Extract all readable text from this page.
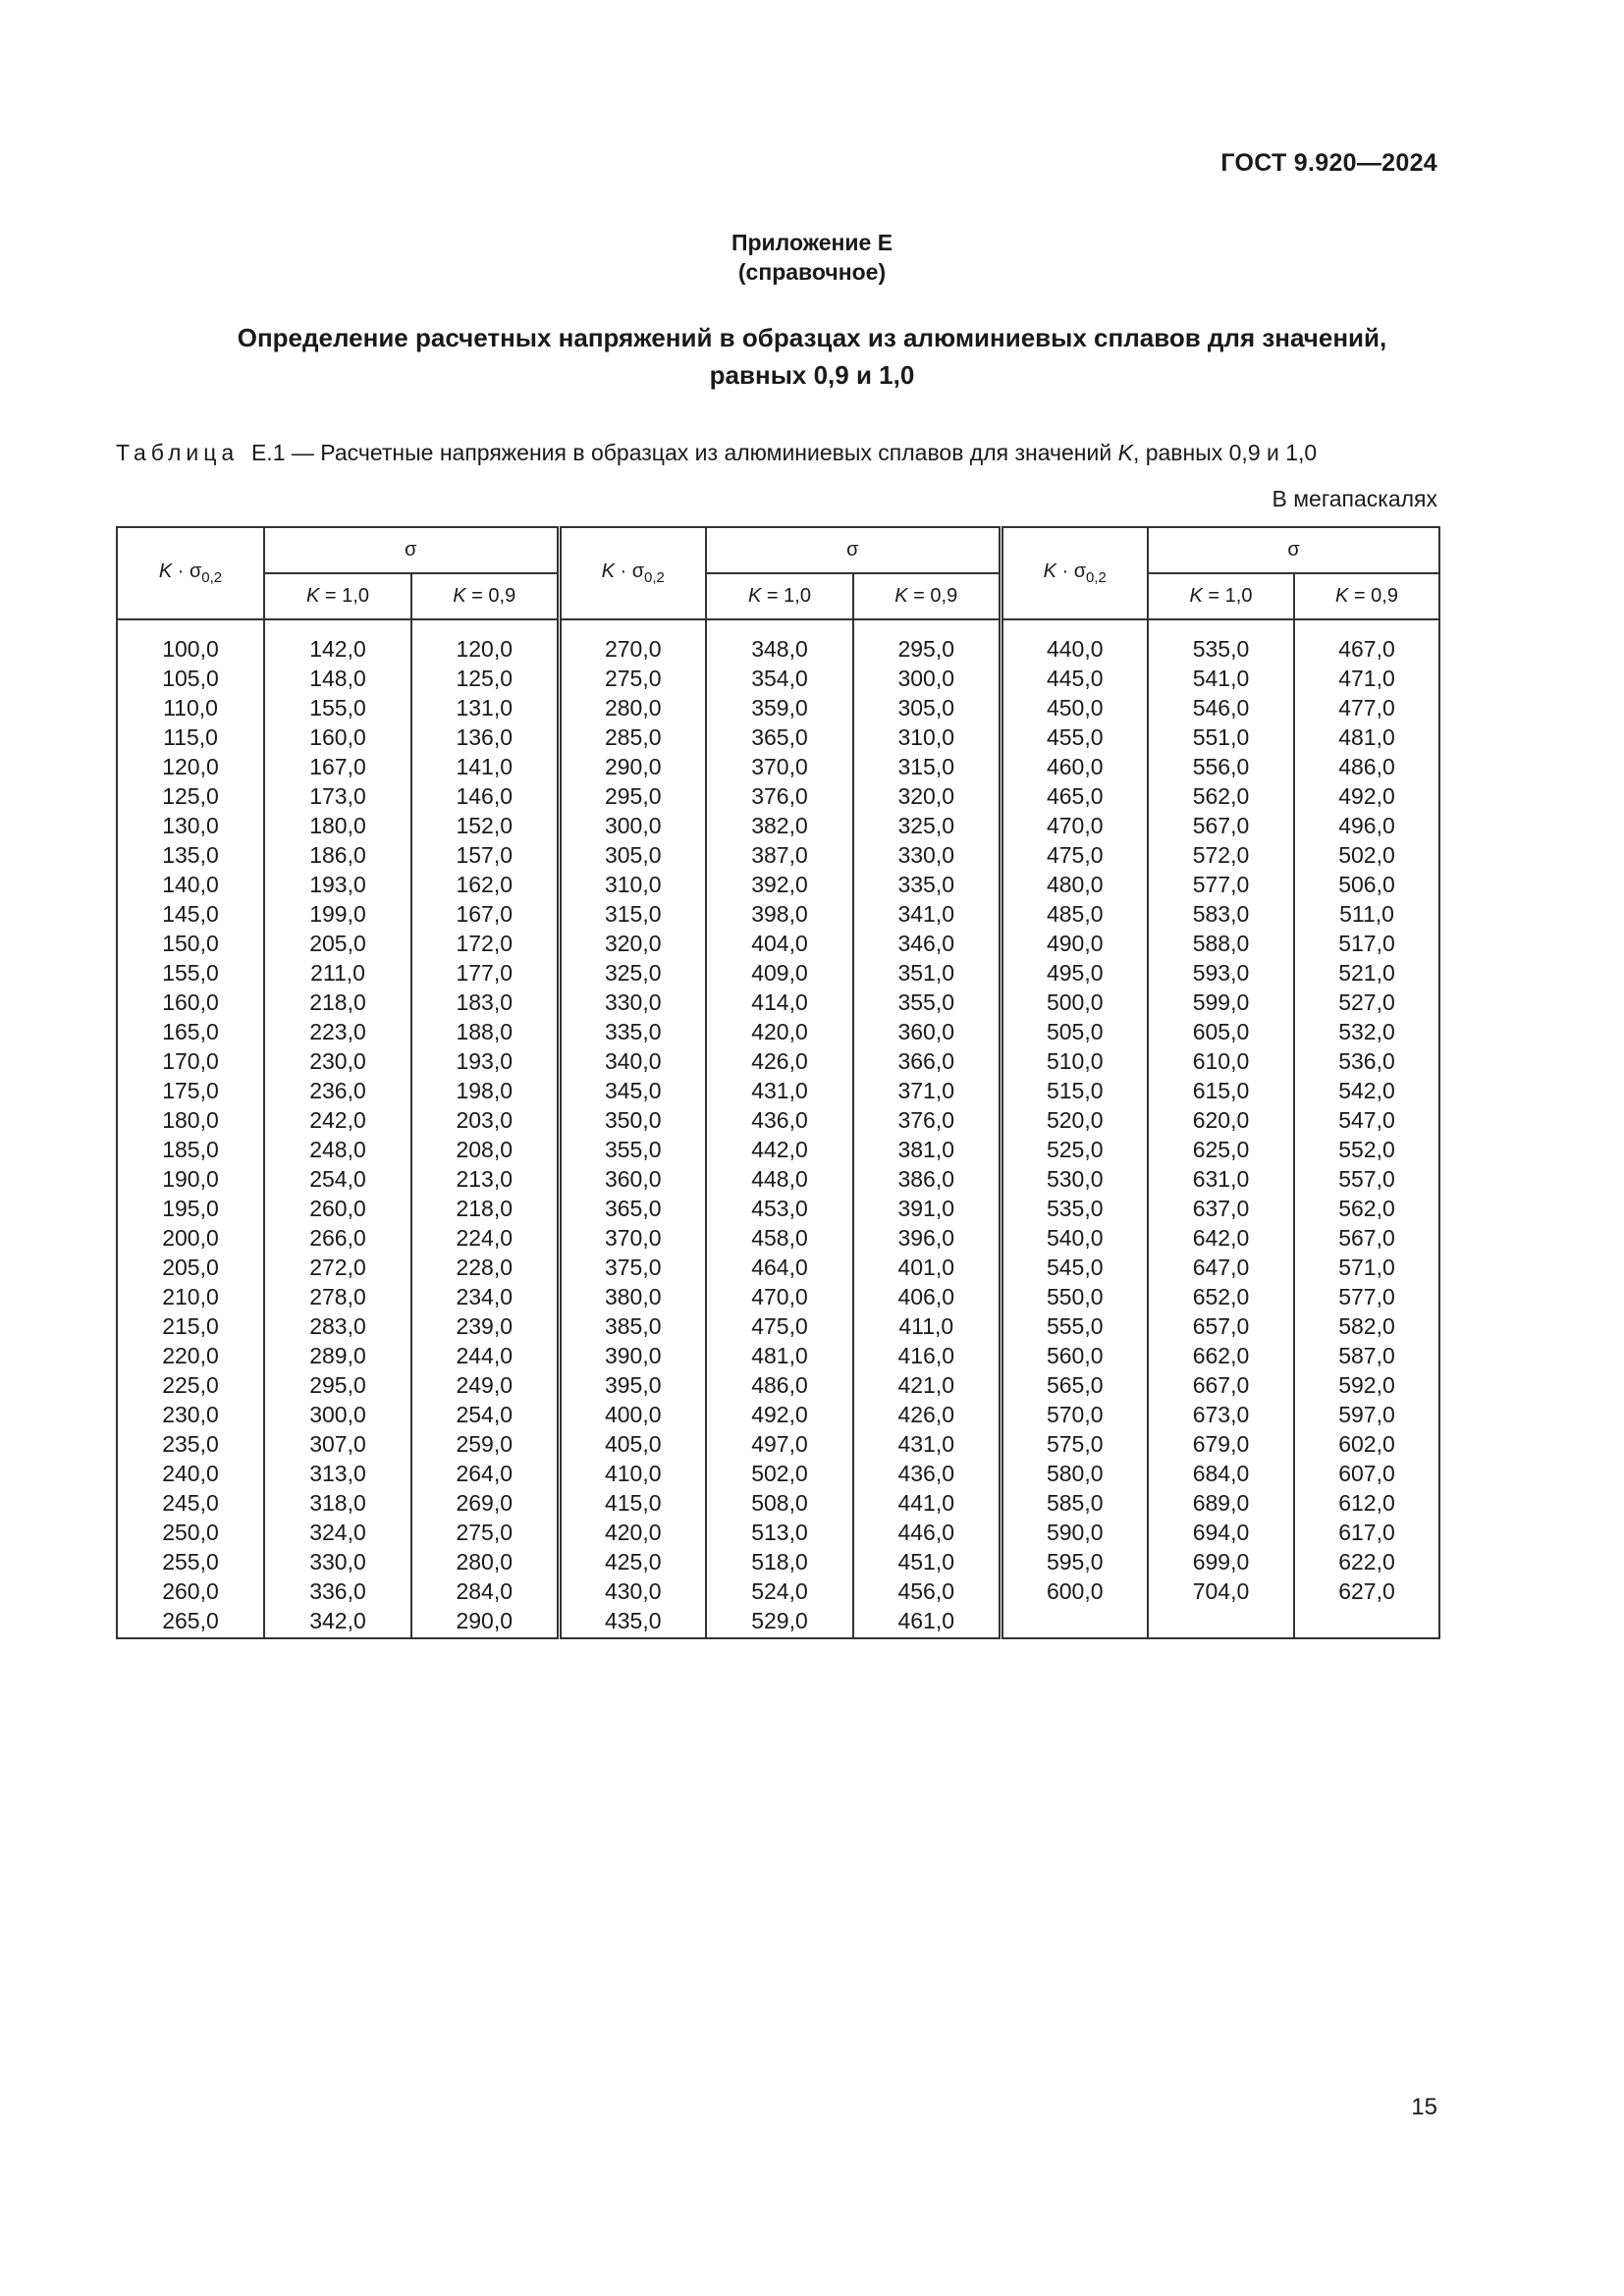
ГОСТ 9.920—2024
Приложение Е
(справочное)
Определение расчетных напряжений в образцах из алюминиевых сплавов для значений,
равных 0,9 и 1,0
Таблица Е.1 — Расчетные напряжения в образцах из алюминиевых сплавов для значений K, равных 0,9 и 1,0
В мегапаскалях
$K \cdot \sigma_{0,2}$	σ		$K \cdot \sigma_{0,2}$	σ		$K \cdot \sigma_{0,2}$	σ	
	K = 1,0	K = 0,9		K = 1,0	K = 0,9		K = 1,0	K = 0,9

100,0	142,0	120,0	270,0	348,0	295,0	440,0	535,0	467,0
105,0	148,0	125,0	275,0	354,0	300,0	445,0	541,0	471,0
110,0	155,0	131,0	280,0	359,0	305,0	450,0	546,0	477,0
115,0	160,0	136,0	285,0	365,0	310,0	455,0	551,0	481,0
120,0	167,0	141,0	290,0	370,0	315,0	460,0	556,0	486,0
125,0	173,0	146,0	295,0	376,0	320,0	465,0	562,0	492,0
130,0	180,0	152,0	300,0	382,0	325,0	470,0	567,0	496,0
135,0	186,0	157,0	305,0	387,0	330,0	475,0	572,0	502,0
140,0	193,0	162,0	310,0	392,0	335,0	480,0	577,0	506,0
145,0	199,0	167,0	315,0	398,0	341,0	485,0	583,0	511,0
150,0	205,0	172,0	320,0	404,0	346,0	490,0	588,0	517,0
155,0	211,0	177,0	325,0	409,0	351,0	495,0	593,0	521,0
160,0	218,0	183,0	330,0	414,0	355,0	500,0	599,0	527,0
165,0	223,0	188,0	335,0	420,0	360,0	505,0	605,0	532,0
170,0	230,0	193,0	340,0	426,0	366,0	510,0	610,0	536,0
175,0	236,0	198,0	345,0	431,0	371,0	515,0	615,0	542,0
180,0	242,0	203,0	350,0	436,0	376,0	520,0	620,0	547,0
185,0	248,0	208,0	355,0	442,0	381,0	525,0	625,0	552,0
190,0	254,0	213,0	360,0	448,0	386,0	530,0	631,0	557,0
195,0	260,0	218,0	365,0	453,0	391,0	535,0	637,0	562,0
200,0	266,0	224,0	370,0	458,0	396,0	540,0	642,0	567,0
205,0	272,0	228,0	375,0	464,0	401,0	545,0	647,0	571,0
210,0	278,0	234,0	380,0	470,0	406,0	550,0	652,0	577,0
215,0	283,0	239,0	385,0	475,0	411,0	555,0	657,0	582,0
220,0	289,0	244,0	390,0	481,0	416,0	560,0	662,0	587,0
225,0	295,0	249,0	395,0	486,0	421,0	565,0	667,0	592,0
230,0	300,0	254,0	400,0	492,0	426,0	570,0	673,0	597,0
235,0	307,0	259,0	405,0	497,0	431,0	575,0	679,0	602,0
240,0	313,0	264,0	410,0	502,0	436,0	580,0	684,0	607,0
245,0	318,0	269,0	415,0	508,0	441,0	585,0	689,0	612,0
250,0	324,0	275,0	420,0	513,0	446,0	590,0	694,0	617,0
255,0	330,0	280,0	425,0	518,0	451,0	595,0	699,0	622,0
260,0	336,0	284,0	430,0	524,0	456,0	600,0	704,0	627,0
265,0	342,0	290,0	435,0	529,0	461,0			
15
